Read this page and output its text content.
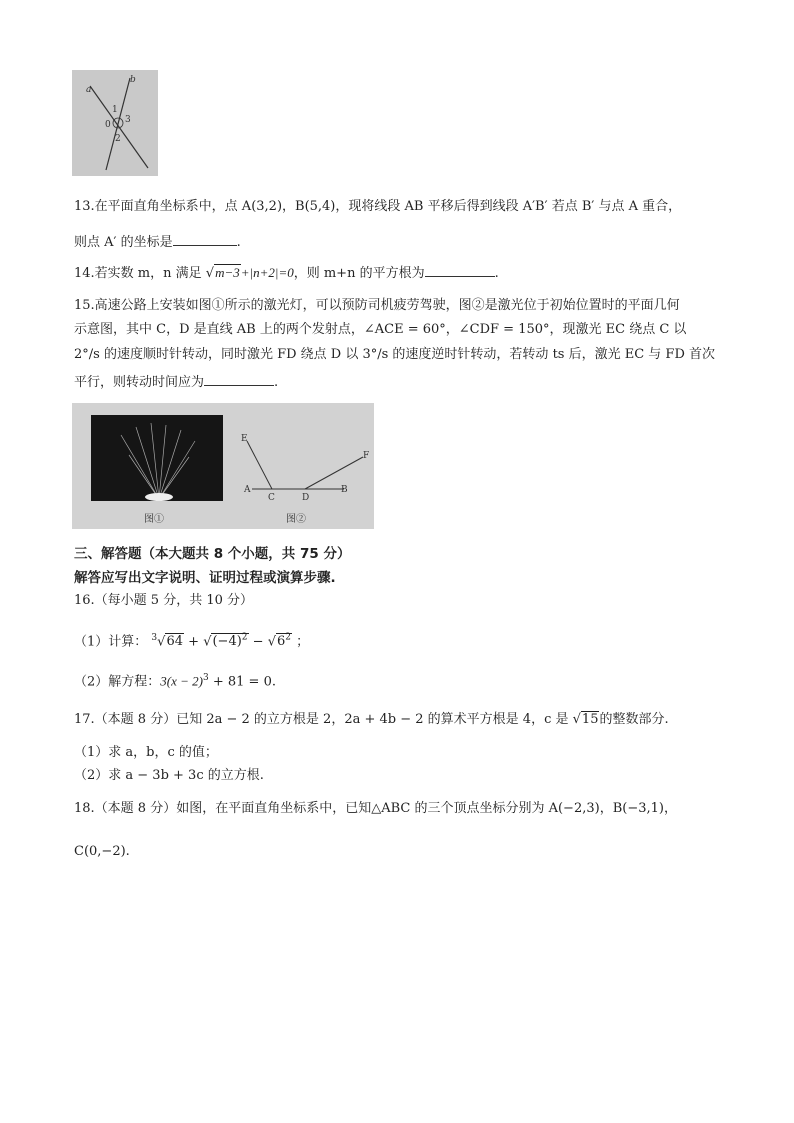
a
b
1
0 3
2
13.在平面直角坐标系中，点 A(3,2)，B(5,4)，现将线段 AB 平移后得到线段 A′B′ 若点 B′ 与点 A 重合，
则点 A′ 的坐标是	.
14.若实数 m，n 满足 √m−3+|n+2|=0，则 m+n 的平方根为	.
15.高速公路上安装如图①所示的激光灯，可以预防司机疲劳驾驶，图②是激光位于初始位置时的平面几何
示意图，其中 C，D 是直线 AB 上的两个发射点，∠ACE = 60°，∠CDF = 150°，现激光 EC 绕点 C 以
2°/s 的速度顺时针转动，同时激光 FD 绕点 D 以 3°/s 的速度逆时针转动，若转动 ts 后，激光 EC 与 FD 首次
平行，则转动时间应为	.
E
F
A
C	D
B
图①	图②
三、解答题（本大题共 8 个小题，共 75 分）
解答应写出文字说明、证明过程或演算步骤.
16.（每小题 5 分，共 10 分）
（1）计算： $^3√64 + √(-4)^2 - √6^2$ ；
（2）解方程：$3(x - 2)^3 + 81 = 0$.
17.（本题 8 分）已知 2a − 2 的立方根是 2，2a + 4b − 2 的算术平方根是 4，c 是 √15的整数部分.
（1）求 a，b，c 的值；
（2）求 a − 3b + 3c 的立方根.
18.（本题 8 分）如图，在平面直角坐标系中，已知△ABC 的三个顶点坐标分别为 A(−2,3)，B(−3,1)，
C(0,−2).
